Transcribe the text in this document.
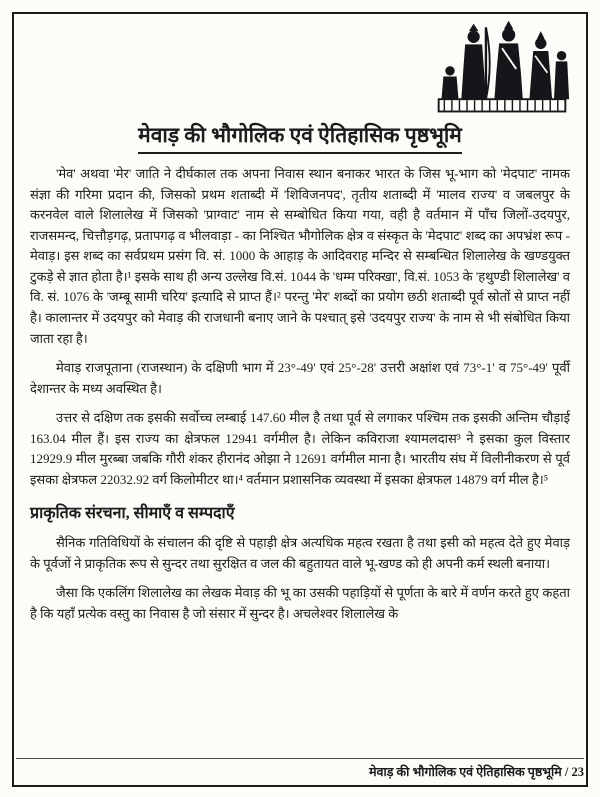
मेवाड़ की भौगोलिक एवं ऐतिहासिक पृष्ठभूमि

'मेव' अथवा 'मेर' जाति ने दीर्घकाल तक अपना निवास स्थान बनाकर भारत के जिस भू-भाग को 'मेदपाट' नामक संज्ञा की गरिमा प्रदान की, जिसको प्रथम शताब्दी में 'शिविजनपद', तृतीय शताब्दी में 'मालव राज्य' व जबलपुर के करनवेल वाले शिलालेख में जिसको 'प्राग्वाट' नाम से सम्बोधित किया गया, वही है वर्तमान में पाँच जिलों-उदयपुर, राजसमन्द, चित्तौड़गढ़, प्रतापगढ़ व भीलवाड़ा - का निश्चित भौगोलिक क्षेत्र व संस्कृत के 'मेदपाट' शब्द का अपभ्रंश रूप - मेवाड़। इस शब्द का सर्वप्रथम प्रसंग वि. सं. 1000 के आहाड़ के आदिवराह मन्दिर से सम्बन्धित शिलालेख के खण्डयुक्त टुकड़े से ज्ञात होता है।¹ इसके साथ ही अन्य उल्लेख वि.सं. 1044 के 'धम्म परिक्खा', वि.सं. 1053 के 'हथुण्डी शिलालेख' व वि. सं. 1076 के 'जम्बू सामी चरिय' इत्यादि से प्राप्त हैं।² परन्तु 'मेर' शब्दों का प्रयोग छठी शताब्दी पूर्व स्रोतों से प्राप्त नहीं है। कालान्तर में उदयपुर को मेवाड़ की राजधानी बनाए जाने के पश्चात् इसे 'उदयपुर राज्य' के नाम से भी संबोधित किया जाता रहा है।

मेवाड़ राजपूताना (राजस्थान) के दक्षिणी भाग में 23°-49' एवं 25°-28' उत्तरी अक्षांश एवं 73°-1' व 75°-49' पूर्वी देशान्तर के मध्य अवस्थित है।

उत्तर से दक्षिण तक इसकी सर्वोच्च लम्बाई 147.60 मील है तथा पूर्व से लगाकर पश्चिम तक इसकी अन्तिम चौड़ाई 163.04 मील हैं। इस राज्य का क्षेत्रफल 12941 वर्गमील है। लेकिन कविराजा श्यामलदास³ ने इसका कुल विस्तार 12929.9 मील मुरब्बा जबकि गौरी शंकर हीरानंद ओझा ने 12691 वर्गमील माना है। भारतीय संघ में विलीनीकरण से पूर्व इसका क्षेत्रफल 22032.92 वर्ग किलोमीटर था।⁴ वर्तमान प्रशासनिक व्यवस्था में इसका क्षेत्रफल 14879 वर्ग मील है।⁵

प्राकृतिक संरचना, सीमाएँ व सम्पदाएँ

सैनिक गतिविधियों के संचालन की दृष्टि से पहाड़ी क्षेत्र अत्यधिक महत्व रखता है तथा इसी को महत्व देते हुए मेवाड़ के पूर्वजों ने प्राकृतिक रूप से सुन्दर तथा सुरक्षित व जल की बहुतायत वाले भू-खण्ड को ही अपनी कर्म स्थली बनाया।

जैसा कि एकलिंग शिलालेख का लेखक मेवाड़ की भू का उसकी पहाड़ियों से पूर्णता के बारे में वर्णन करते हुए कहता है कि यहाँ प्रत्येक वस्तु का निवास है जो संसार में सुन्दर है। अचलेश्वर शिलालेख के

मेवाड़ की भौगोलिक एवं ऐतिहासिक पृष्ठभूमि / 23
